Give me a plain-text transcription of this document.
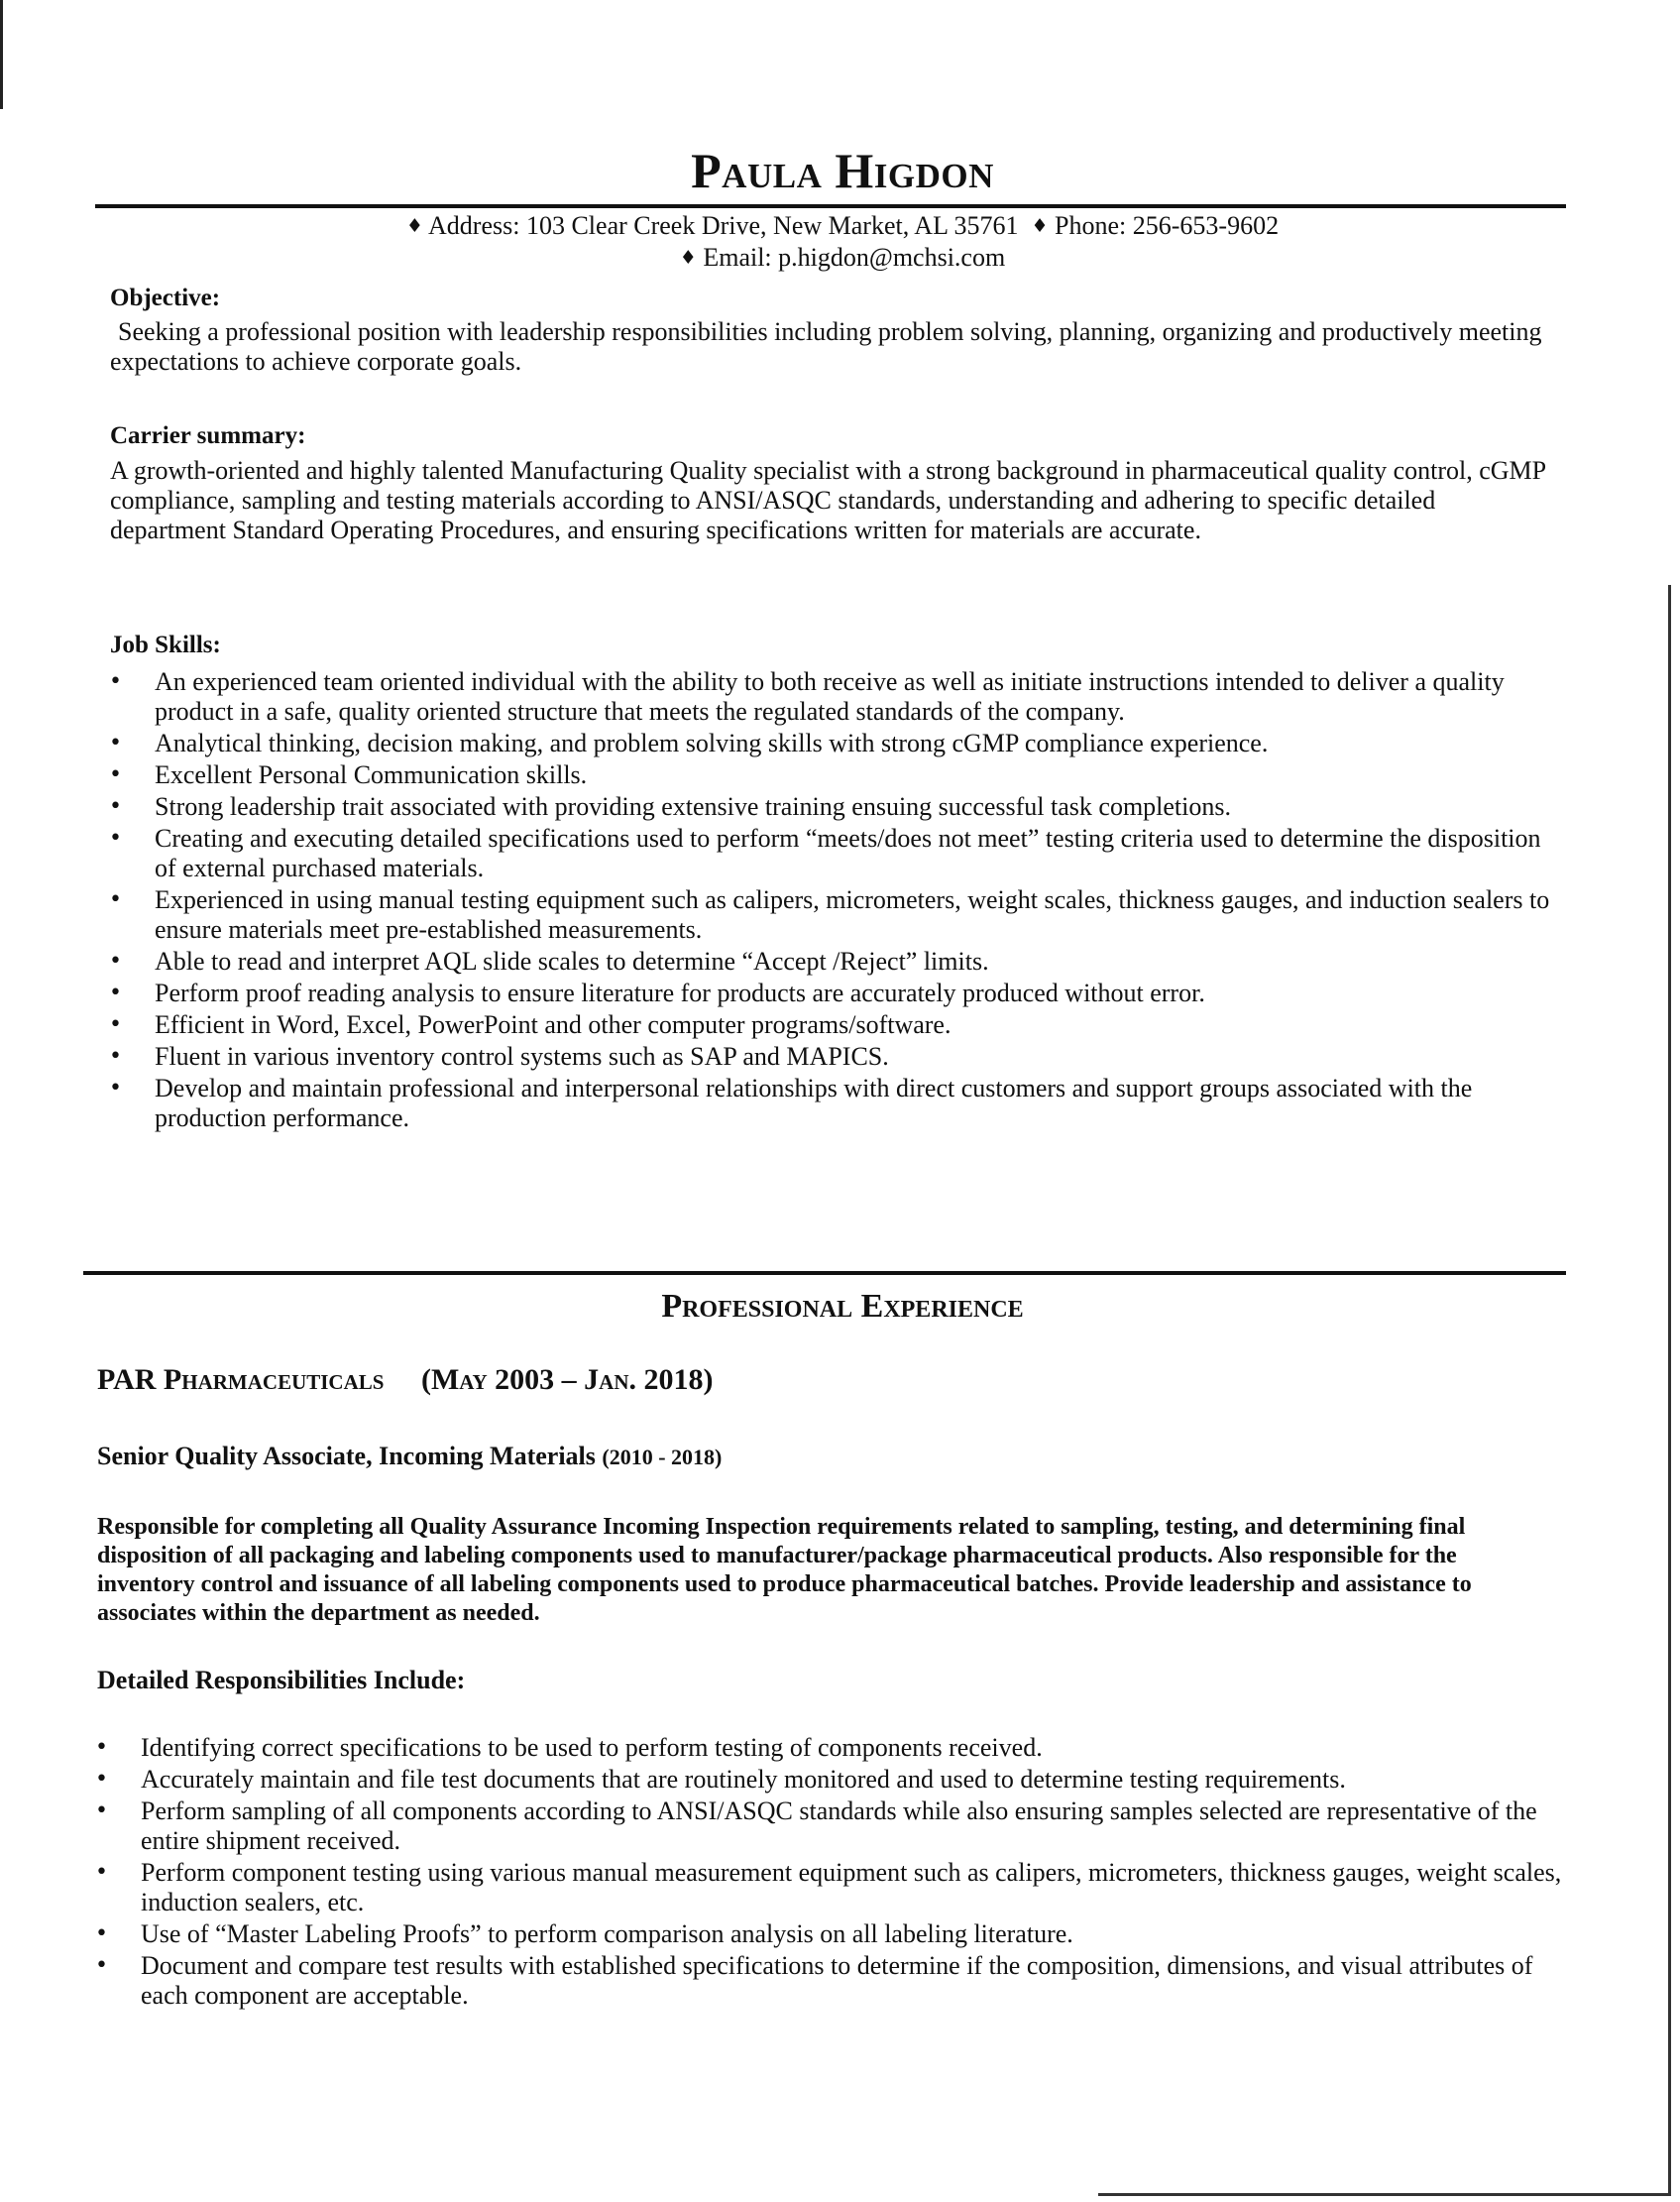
Paula Higdon
♦ Address: 103 Clear Creek Drive, New Market, AL 35761 ♦ Phone: 256-653-9602
♦ Email: p.higdon@mchsi.com
Objective:
Seeking a professional position with leadership responsibilities including problem solving, planning, organizing and productively meeting expectations to achieve corporate goals.
Carrier summary:
A growth-oriented and highly talented Manufacturing Quality specialist with a strong background in pharmaceutical quality control, cGMP compliance, sampling and testing materials according to ANSI/ASQC standards, understanding and adhering to specific detailed department Standard Operating Procedures, and ensuring specifications written for materials are accurate.
Job Skills:
• An experienced team oriented individual with the ability to both receive as well as initiate instructions intended to deliver a quality product in a safe, quality oriented structure that meets the regulated standards of the company.
• Analytical thinking, decision making, and problem solving skills with strong cGMP compliance experience.
• Excellent Personal Communication skills.
• Strong leadership trait associated with providing extensive training ensuing successful task completions.
• Creating and executing detailed specifications used to perform “meets/does not meet” testing criteria used to determine the disposition of external purchased materials.
• Experienced in using manual testing equipment such as calipers, micrometers, weight scales, thickness gauges, and induction sealers to ensure materials meet pre-established measurements.
• Able to read and interpret AQL slide scales to determine “Accept /Reject” limits.
• Perform proof reading analysis to ensure literature for products are accurately produced without error.
• Efficient in Word, Excel, PowerPoint and other computer programs/software.
• Fluent in various inventory control systems such as SAP and MAPICS.
• Develop and maintain professional and interpersonal relationships with direct customers and support groups associated with the production performance.
Professional Experience
PAR Pharmaceuticals (May 2003 – Jan. 2018)
Senior Quality Associate, Incoming Materials (2010 - 2018)
Responsible for completing all Quality Assurance Incoming Inspection requirements related to sampling, testing, and determining final disposition of all packaging and labeling components used to manufacturer/package pharmaceutical products. Also responsible for the inventory control and issuance of all labeling components used to produce pharmaceutical batches. Provide leadership and assistance to associates within the department as needed.
Detailed Responsibilities Include:
• Identifying correct specifications to be used to perform testing of components received.
• Accurately maintain and file test documents that are routinely monitored and used to determine testing requirements.
• Perform sampling of all components according to ANSI/ASQC standards while also ensuring samples selected are representative of the entire shipment received.
• Perform component testing using various manual measurement equipment such as calipers, micrometers, thickness gauges, weight scales, induction sealers, etc.
• Use of “Master Labeling Proofs” to perform comparison analysis on all labeling literature.
• Document and compare test results with established specifications to determine if the composition, dimensions, and visual attributes of each component are acceptable.
